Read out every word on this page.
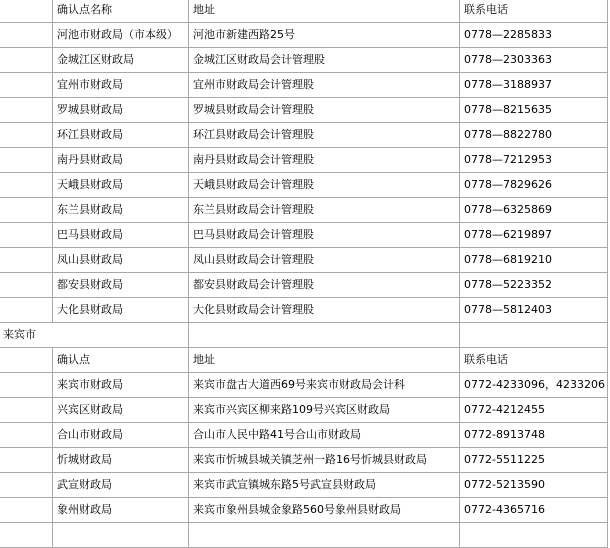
	确认点名称	地址	联系电话
	河池市财政局（市本级）	河池市新建西路25号	0778—2285833
	金城江区财政局	金城江区财政局会计管理股	0778—2303363
	宜州市财政局	宜州市财政局会计管理股	0778—3188937
	罗城县财政局	罗城县财政局会计管理股	0778—8215635
	环江县财政局	环江县财政局会计管理股	0778—8822780
	南丹县财政局	南丹县财政局会计管理股	0778—7212953
	天峨县财政局	天峨县财政局会计管理股	0778—7829626
	东兰县财政局	东兰县财政局会计管理股	0778—6325869
	巴马县财政局	巴马县财政局会计管理股	0778—6219897
	凤山县财政局	凤山县财政局会计管理股	0778—6819210
	都安县财政局	都安县财政局会计管理股	0778—5223352
	大化县财政局	大化县财政局会计管理股	0778—5812403
来宾市			
	确认点	地址	联系电话
	来宾市财政局	来宾市盘古大道西69号来宾市财政局会计科	0772-4233096，4233206
	兴宾区财政局	来宾市兴宾区柳来路109号兴宾区财政局	0772-4212455
	合山市财政局	合山市人民中路41号合山市财政局	0772-8913748
	忻城财政局	来宾市忻城县城关镇芝州一路16号忻城县财政局	0772-5511225
	武宣财政局	来宾市武宣镇城东路5号武宣县财政局	0772-5213590
	象州财政局	来宾市象州县城金象路560号象州县财政局	0772-4365716
